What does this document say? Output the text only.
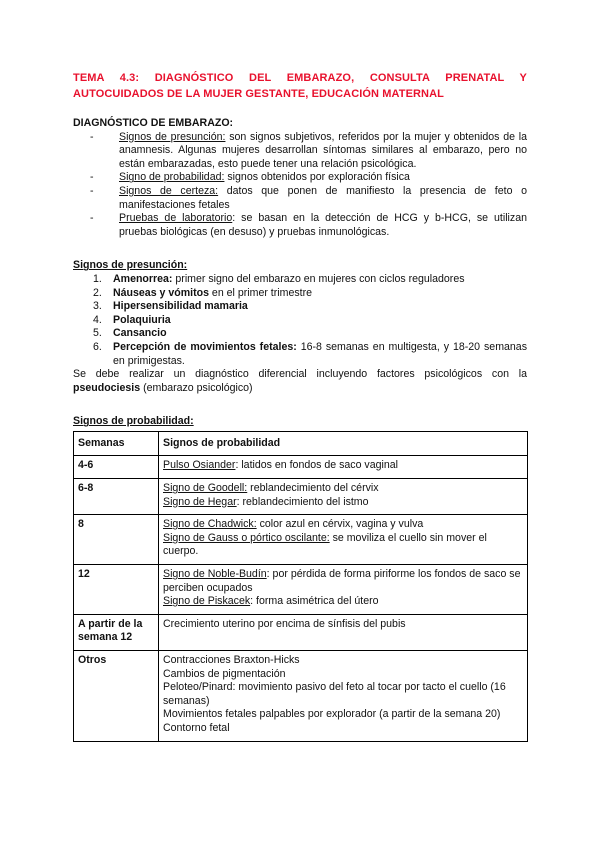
TEMA 4.3: DIAGNÓSTICO DEL EMBARAZO, CONSULTA PRENATAL Y AUTOCUIDADOS DE LA MUJER GESTANTE, EDUCACIÓN MATERNAL
DIAGNÓSTICO DE EMBARAZO:
- Signos de presunción: son signos subjetivos, referidos por la mujer y obtenidos de la anamnesis. Algunas mujeres desarrollan síntomas similares al embarazo, pero no están embarazadas, esto puede tener una relación psicológica.
- Signo de probabilidad: signos obtenidos por exploración física
- Signos de certeza: datos que ponen de manifiesto la presencia de feto o manifestaciones fetales
- Pruebas de laboratorio: se basan en la detección de HCG y b-HCG, se utilizan pruebas biológicas (en desuso) y pruebas inmunológicas.
Signos de presunción:
1. Amenorrea: primer signo del embarazo en mujeres con ciclos reguladores
2. Náuseas y vómitos en el primer trimestre
3. Hipersensibilidad mamaria
4. Polaquiuria
5. Cansancio
6. Percepción de movimientos fetales: 16-8 semanas en multigesta, y 18-20 semanas en primigestas.
Se debe realizar un diagnóstico diferencial incluyendo factores psicológicos con la pseudociesis (embarazo psicológico)
Signos de probabilidad:
Semanas	Signos de probabilidad
4-6	Pulso Osiander: latidos en fondos de saco vaginal

6-8	Signo de Goodell: reblandecimiento del cérvix
Signo de Hegar: reblandecimiento del istmo

8	Signo de Chadwick: color azul en cérvix, vagina y vulva
Signo de Gauss o pórtico oscilante: se moviliza el cuello sin mover el cuerpo.

12	Signo de Noble-Budín: por pérdida de forma piriforme los fondos de saco se perciben ocupados
Signo de Piskacek: forma asimétrica del útero

A partir de la semana 12	Crecimiento uterino por encima de sínfisis del pubis

Otros	Contracciones Braxton-Hicks
Cambios de pigmentación
Peloteo/Pinard: movimiento pasivo del feto al tocar por tacto el cuello (16 semanas)
Movimientos fetales palpables por explorador (a partir de la semana 20)
Contorno fetal
